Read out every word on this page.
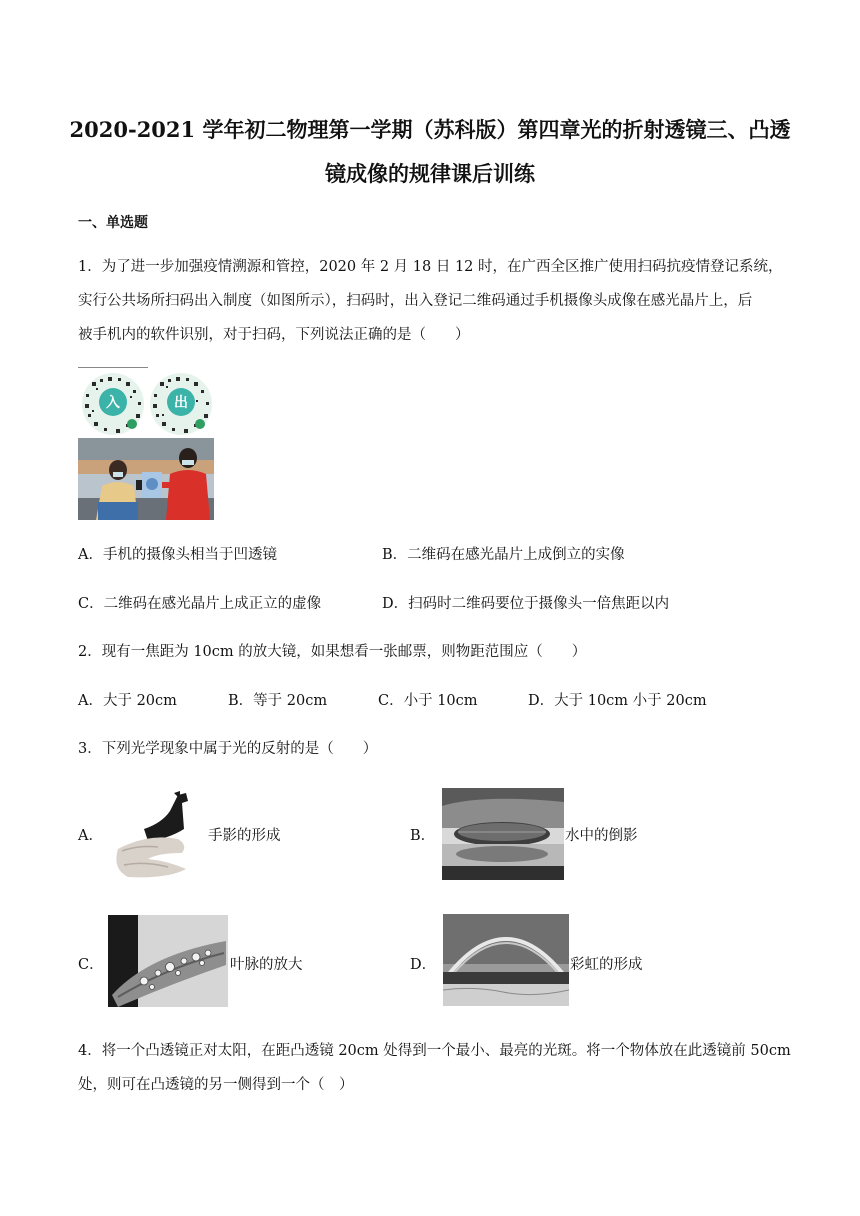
2020-2021 学年初二物理第一学期（苏科版）第四章光的折射透镜三、凸透
镜成像的规律课后训练
一、单选题
1．为了进一步加强疫情溯源和管控，2020 年 2 月 18 日 12 时，在广西全区推广使用扫码抗疫情登记系统，
实行公共场所扫码出入制度（如图所示），扫码时，出入登记二维码通过手机摄像头成像在感光晶片上，后
被手机内的软件识别，对于扫码，下列说法正确的是（　　）
入	出
A．手机的摄像头相当于凹透镜	B．二维码在感光晶片上成倒立的实像
C．二维码在感光晶片上成正立的虚像	D．扫码时二维码要位于摄像头一倍焦距以内
2．现有一焦距为 10cm 的放大镜，如果想看一张邮票，则物距范围应（　　）
A．大于 20cm	B．等于 20cm	C．小于 10cm	D．大于 10cm 小于 20cm
3．下列光学现象中属于光的反射的是（　　）
A．	手影的形成	B．	水中的倒影
C．	叶脉的放大	D．	彩虹的形成
4．将一个凸透镜正对太阳，在距凸透镜 20cm 处得到一个最小、最亮的光斑。将一个物体放在此透镜前 50cm
处，则可在凸透镜的另一侧得到一个（　）
